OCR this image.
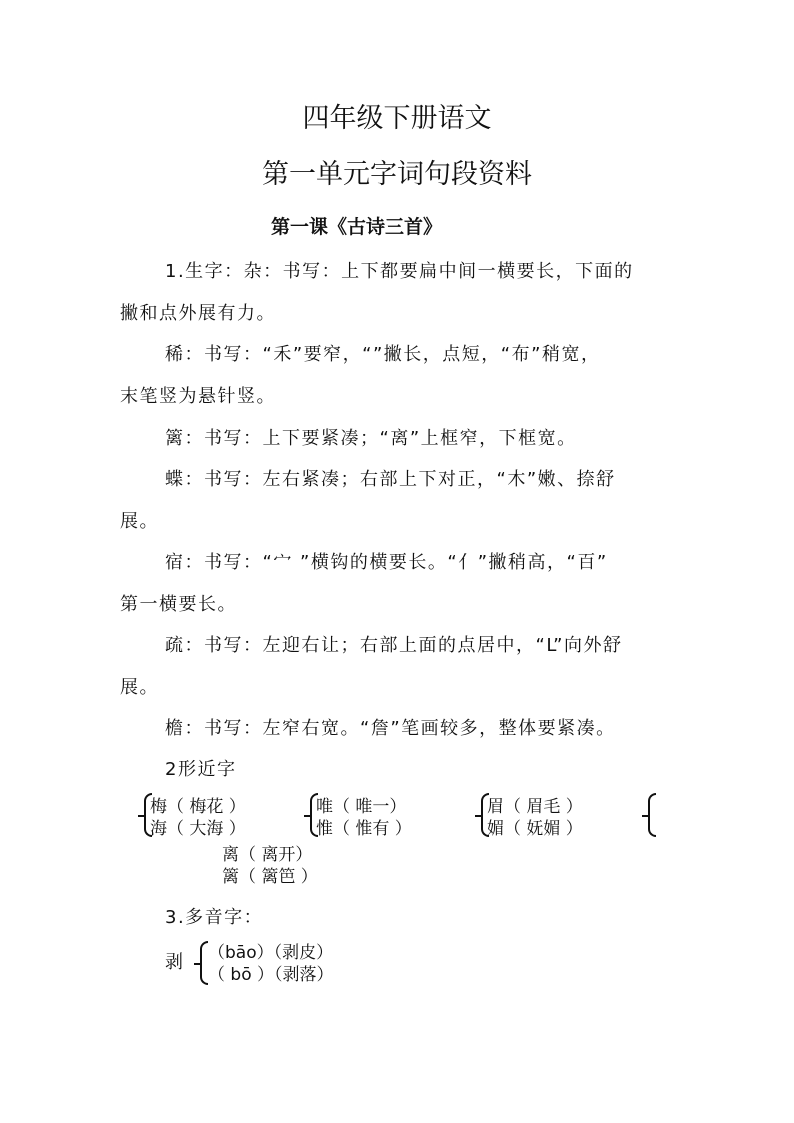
四年级下册语文
第一单元字词句段资料
第一课《古诗三首》
1.生字：杂：书写：上下都要扁中间一横要长，下面的
撇和点外展有力。
稀：书写：“禾”要窄，“”撇长，点短，“布”稍宽，
末笔竖为悬针竖。
篱：书写：上下要紧凑；“离”上框窄，下框宽。
蝶：书写：左右紧凑；右部上下对正，“木”嫩、捺舒
展。
宿：书写：“宀 ”横钩的横要长。“亻”撇稍高，“百”
第一横要长。
疏：书写：左迎右让；右部上面的点居中，“L”向外舒
展。
檐：书写：左窄右宽。“詹”笔画较多，整体要紧凑。
2形近字
梅（ 梅花 ）
海（ 大海 ）
唯（ 唯一）
惟（ 惟有 ）
眉（ 眉毛 ）
媚（ 妩媚 ）
离（ 离开）
篱（ 篱笆 ）
3.多音字：
剥 （bāo）（剥皮）
（ bō ）（剥落）
